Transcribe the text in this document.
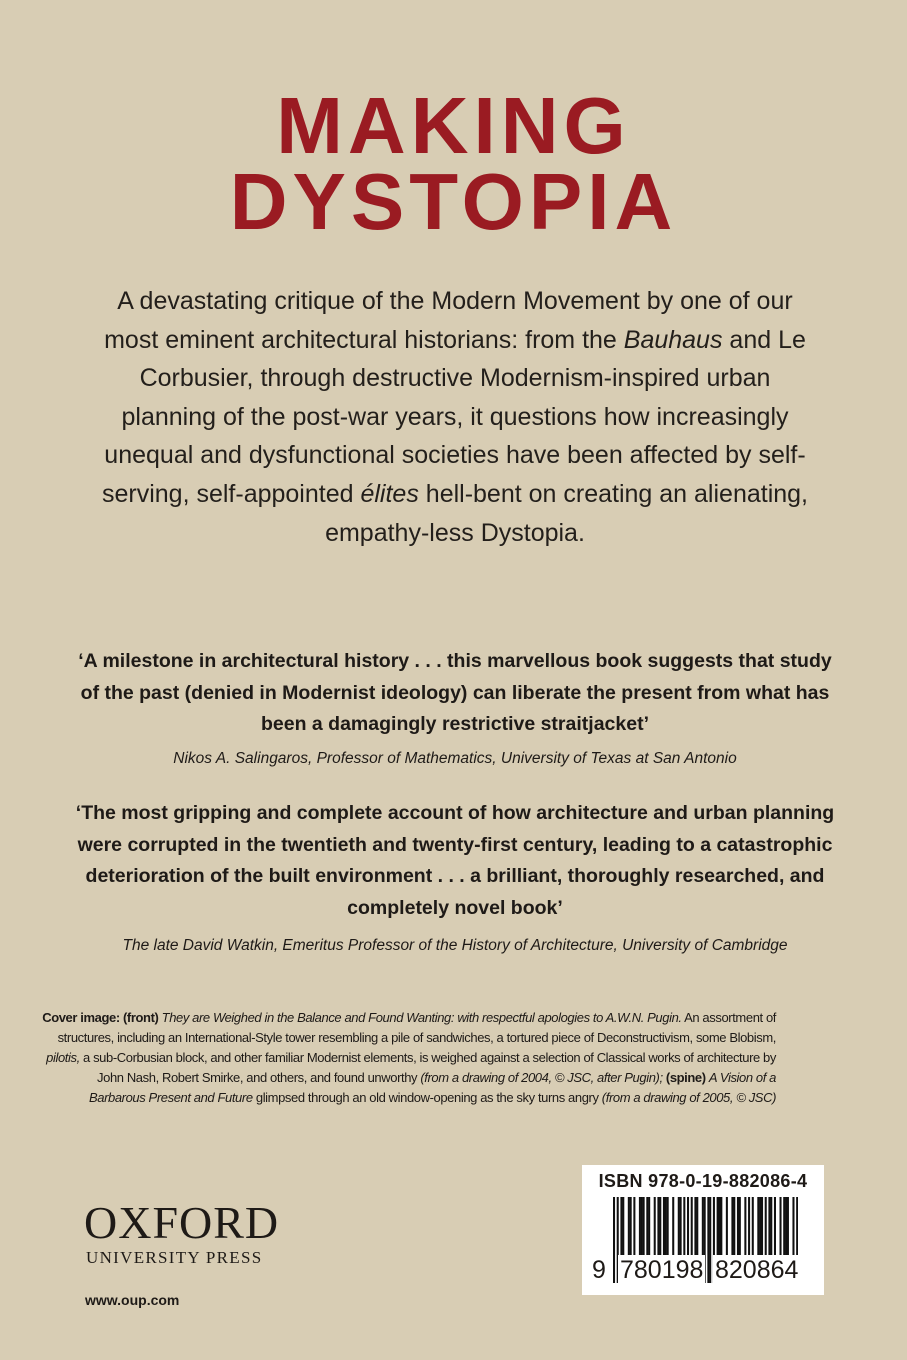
MAKING
DYSTOPIA

A devastating critique of the Modern Movement by one of our most eminent architectural historians: from the Bauhaus and Le Corbusier, through destructive Modernism-inspired urban planning of the post-war years, it questions how increasingly unequal and dysfunctional societies have been affected by self-serving, self-appointed élites hell-bent on creating an alienating, empathy-less Dystopia.

‘A milestone in architectural history . . . this marvellous book suggests that study of the past (denied in Modernist ideology) can liberate the present from what has been a damagingly restrictive straitjacket’
Nikos A. Salingaros, Professor of Mathematics, University of Texas at San Antonio
‘The most gripping and complete account of how architecture and urban planning were corrupted in the twentieth and twenty-first century, leading to a catastrophic deterioration of the built environment . . . a brilliant, thoroughly researched, and completely novel book’
The late David Watkin, Emeritus Professor of the History of Architecture, University of Cambridge

Cover image: (front) They are Weighed in the Balance and Found Wanting: with respectful apologies to A.W.N. Pugin. An assortment of structures, including an International-Style tower resembling a pile of sandwiches, a tortured piece of Deconstructivism, some Blobism, pilotis, a sub-Corbusian block, and other familiar Modernist elements, is weighed against a selection of Classical works of architecture by John Nash, Robert Smirke, and others, and found unworthy (from a drawing of 2004, © JSC, after Pugin); (spine) A Vision of a Barbarous Present and Future glimpsed through an old window-opening as the sky turns angry (from a drawing of 2005, © JSC)

ISBN 978-0-19-882086-4
9 780198 820864
OXFORD
UNIVERSITY PRESS
www.oup.com
